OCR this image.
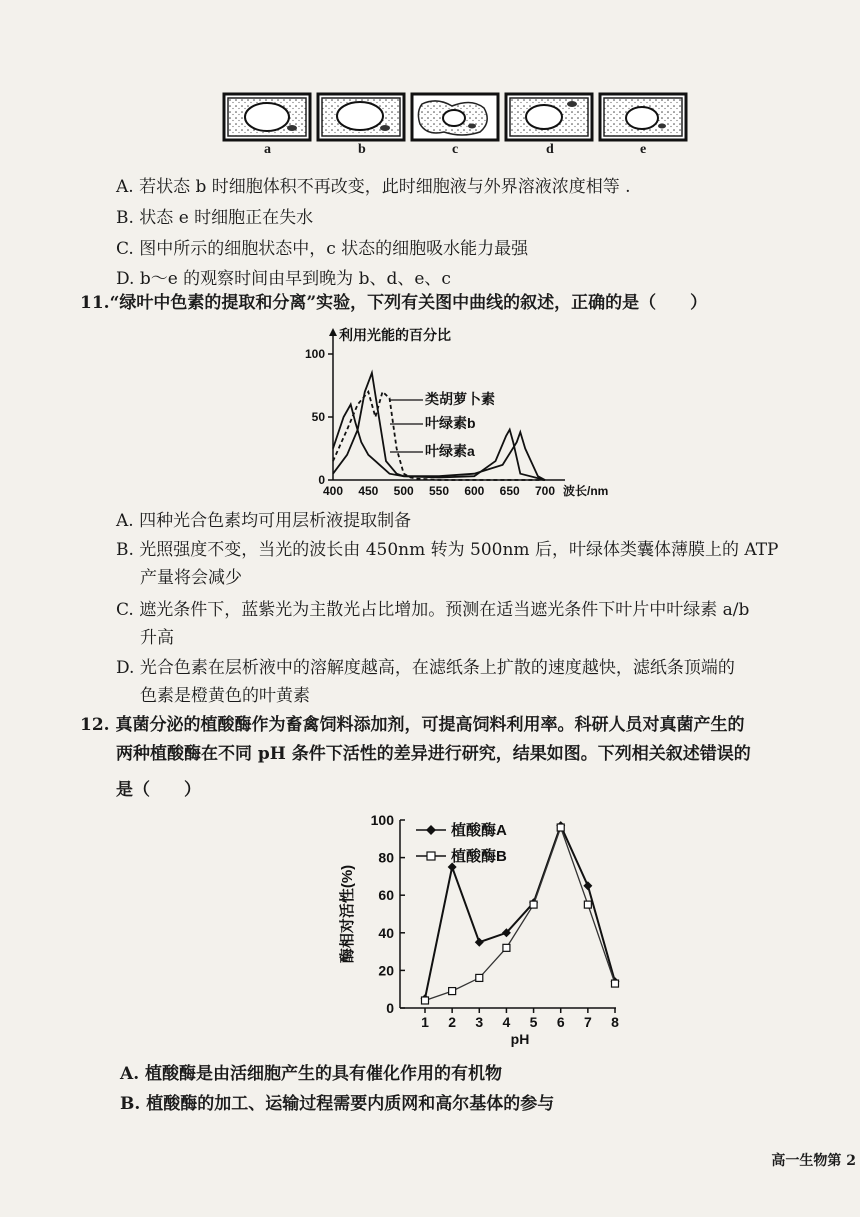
a	b	c	d	e
A. 若状态 b 时细胞体积不再改变，此时细胞液与外界溶液浓度相等 .
B. 状态 e 时细胞正在失水
C. 图中所示的细胞状态中，c 状态的细胞吸水能力最强
D. b～e 的观察时间由早到晚为 b、d、e、c
11.“绿叶中色素的提取和分离”实验，下列有关图中曲线的叙述，正确的是（　　）
利用光能的百分比
0
50
100
400 450 500 550 600 650 700 波长/nm
类胡萝卜素
叶绿素b
叶绿素a
A. 四种光合色素均可用层析液提取制备
B. 光照强度不变，当光的波长由 450nm 转为 500nm 后，叶绿体类囊体薄膜上的 ATP
产量将会减少
C. 遮光条件下，蓝紫光为主散光占比增加。预测在适当遮光条件下叶片中叶绿素 a/b
升高
D. 光合色素在层析液中的溶解度越高，在滤纸条上扩散的速度越快，滤纸条顶端的
色素是橙黄色的叶黄素
12. 真菌分泌的植酸酶作为畜禽饲料添加剂，可提高饲料利用率。科研人员对真菌产生的
两种植酸酶在不同 pH 条件下活性的差异进行研究，结果如图。下列相关叙述错误的
是（　　）
0
20
40
60
80
100
1 2 3 4 5 6 7 8
pH
酶相对活性(%)
植酸酶A
植酸酶B
A. 植酸酶是由活细胞产生的具有催化作用的有机物
B. 植酸酶的加工、运输过程需要内质网和高尔基体的参与
高一生物第 2
